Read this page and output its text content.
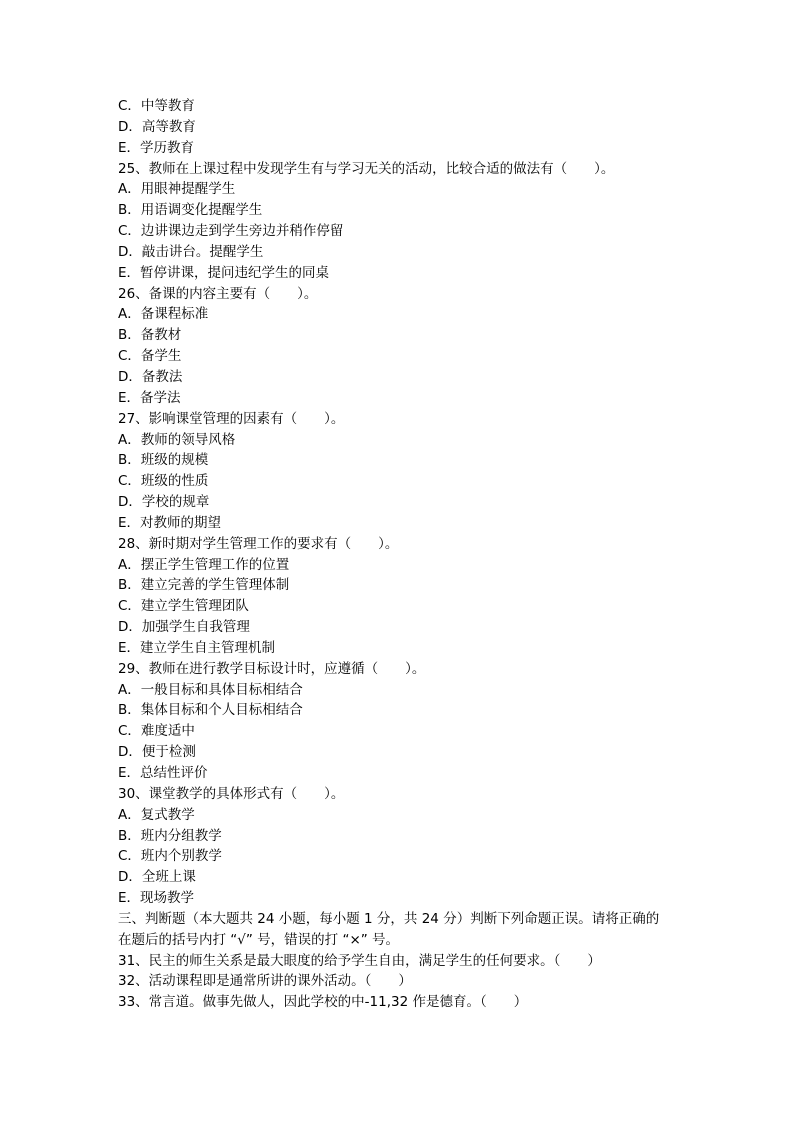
C．中等教育
D．高等教育
E．学历教育
25、教师在上课过程中发现学生有与学习无关的活动，比较合适的做法有（　　）。
A．用眼神提醒学生
B．用语调变化提醒学生
C．边讲课边走到学生旁边并稍作停留
D．敲击讲台。提醒学生
E．暂停讲课，提问违纪学生的同桌
26、备课的内容主要有（　　）。
A．备课程标准
B．备教材
C．备学生
D．备教法
E．备学法
27、影响课堂管理的因素有（　　）。
A．教师的领导风格
B．班级的规模
C．班级的性质
D．学校的规章
E．对教师的期望
28、新时期对学生管理工作的要求有（　　）。
A．摆正学生管理工作的位置
B．建立完善的学生管理体制
C．建立学生管理团队
D．加强学生自我管理
E．建立学生自主管理机制
29、教师在进行教学目标设计时，应遵循（　　）。
A．一般目标和具体目标相结合
B．集体目标和个人目标相结合
C．难度适中
D．便于检测
E．总结性评价
30、课堂教学的具体形式有（　　）。
A．复式教学
B．班内分组教学
C．班内个别教学
D．全班上课
E．现场教学
三、判断题（本大题共 24 小题，每小题 1 分，共 24 分）判断下列命题正误。请将正确的
在题后的括号内打 “√” 号，错误的打 “×” 号。
31、民主的师生关系是最大眼度的给予学生自由，满足学生的任何要求。（　　）
32、活动课程即是通常所讲的课外活动。（　　）
33、常言道。做事先做人，因此学校的中-11,32 作是德育。（　　）
